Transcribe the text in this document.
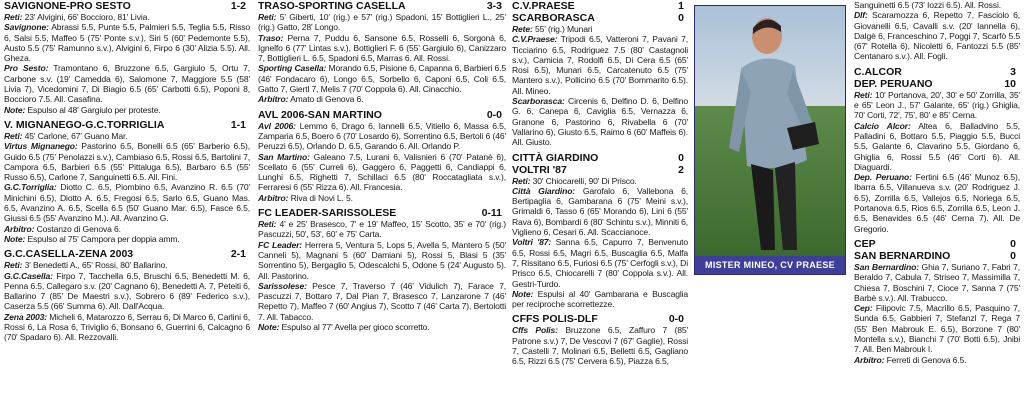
SAVIGNONE-PRO SESTO	1-2

Reti: 23' Alvigini, 66' Boccioro, 81' Livia.

Savignone: Abrassi 5.5, Punte 5.5, Palmieri 5.5, Teglia 5.5, Risso 6, Salsi 5.5, Maffeo 5 (75' Ponte s.v.), Siri 5 (60' Pedemonte 5.5), Austo 5.5 (75' Ramunno s.v.), Alvigini 6, Firpo 6 (30' Alizia 5.5). All. Gheza.

Pro Sesto: Tramontano 6, Bruzzone 6.5, Gargiulo 5, Ortu 7, Carbone s.v. (19' Camedda 6), Salomone 7, Maggiore 5.5 (58' Livia 7), Vicedomini 7, Di Biagio 6.5 (65' Carbotti 6.5), Poponi 8, Boccioro 7.5. All. Casafina.

Note: Espulso al 48' Gargiulo per proteste.

V. MIGNANEGO-G.C.TORRIGLIA	1-1

Reti: 45' Carlone, 67' Guano Mar.

Virtus Mignanego: Pastorino 6.5, Bonelli 6.5 (65' Barberio 6.5), Guido 6.5 (75' Penolazzi s.v.), Cambiaso 6.5, Rossi 6.5, Bartolini 7, Campora 6.5, Barbieri 6.5 (55' Pittaluga 6.5), Barbaro 6.5 (55' Russo 6.5), Carlone 7, Sanguinetti 6.5. All. Fini.

G.C.Torriglia: Diotto C. 6.5, Piombino 6.5, Avanzino R. 6.5 (70' Minichini 6.5), Diotto A. 6.5, Fregosi 6.5, Sarlo 6.5, Guano Mas. 6.5, Avanzino A. 6.5, Scella 6.5 (50' Guano Mar. 6.5), Fasce 6.5, Giussi 6.5 (55' Avanzino M.). All. Avanzino G.

Arbitro: Costanzo di Genova 6.

Note: Espulso al 75' Campora per doppia amm.

G.C.CASELLA-ZENA 2003	2-1

Reti: 3' Benedetti A., 65' Rossi, 80' Ballarino.

G.C.Casella: Firpo 7, Tacchella 6.5, Bruschi 6.5, Benedetti M. 6, Penna 6.5, Callegaro s.v. (20' Cagnano 6), Benedetti A. 7, Peteiti 6, Ballarino 7 (85' De Maestri s.v.), Sobrero 6 (89' Federico s.v.), Caserza 5.5 (66' Summa 6). All. Dall'Acqua.

Zena 2003: Micheli 6, Matarozzo 6, Serrau 6, Di Marco 6, Carlini 6, Rossi 6, La Rosa 6, Triviglio 6, Bonsano 6, Guerrini 6, Calcagno 6 (70' Spadaro 6). All. Rezzovalli.

TRASO-SPORTING CASELLA	3-3

Reti: 5' Giberti, 10' (rig.) e 57' (rig.) Spadoni, 15' Bottiglieri L., 25' (rig.) Gatto, 28' Longo.

Traso: Perna 7, Puddu 6, Sansone 6.5, Rosselli 6, Sorgonà 6, Ignelfo 6 (77' Lintas s.v.), Bottiglieri F. 6 (55' Gargiulo 6), Canizzaro 7, Bottiglieri L. 6.5, Spadoni 6.5, Marras 6. All. Rossi.

Sporting Casella: Morando 6.5, Pisione 6, Capanna 6, Barbieri 6.5 (46' Fondacaro 6), Longo 6.5, Sorbello 6, Caponi 6.5, Coli 6.5, Gatto 7, Giertl 7, Melis 7 (70' Coppola 6). All. Cinacchio.

Arbitro: Amato di Genova 6.

AVL 2006-SAN MARTINO	0-0

Avl 2006: Lemmo 6, Drago 6, Iannelli 6.5, Vitiello 6, Massa 6.5, Zamparia 6.5, Boero 6 (70' Losardo 6), Sorrentino 6.5, Bertoli 6 (46' Peruzzi 6.5), Orlando D. 6.5, Garando 6. All. Orlando P.

San Martino: Galeano 7.5, Lurani 6, Valisnieri 6 (70' Patanè 6), Scellato 6 (55' Curreli 6), Gaggero 6, Paggetti 6, Candiappi 6, Lunghi 6.5, Righetti 7, Schillaci 6.5 (80' Roccatagliata s.v.), Ferraresi 6 (55' Rizza 6). All. Francesia.

Arbitro: Riva di Novi L. 5.

FC LEADER-SARISSOLESE	0-11

Reti: 4' e 25' Brasesco, 7' e 19' Maffeo, 15' Scotto, 35' e 70' (rig.) Pascuzzi, 50', 53', 60' e 75' Carta.

FC Leader: Herrera 5, Ventura 5, Lops 5, Avella 5, Mantero 5 (50' Canneli 5), Magnani 5 (60' Damiani 5), Rossi 5, Blasi 5 (35' Sorrentino 5), Bergaglio 5, Odescalchi 5, Odone 5 (24' Augusto 5). All. Pastorino.

Sarissolese: Pesce 7, Traverso 7 (46' Vidulich 7), Farace 7, Pascuzzi 7, Bottaro 7, Dal Pian 7, Brasesco 7, Lanzarone 7 (46' Repetto 7), Maffeo 7 (60' Angius 7), Scotto 7 (46' Carta 7), Bertolotti 7. All. Tabacco.

Note: Espulso al 77' Avella per gioco scorretto.

C.V.PRAESE	1
SCARBORASCA	0

Rete: 55' (rig.) Munari

C.V.Praese: Tripodi 6.5, Vatteroni 7, Pavani 7, Ticciarino 6.5, Rodriguez 7.5 (80' Castagnoli s.v.), Camicia 7, Rodolfi 6.5, Di Cera 6.5 (65' Rosi 6.5), Munari 6.5, Carcatenuto 6.5 (75' Mantero s.v.), Pollicino 6.5 (70' Bommarito 6.5). All. Mineo.

Scarborasca: Circenis 6, Delfino D. 6, Delfino G. 6, Canepa 6, Caviglia 6.5, Vernazza 6, Granone 6, Pastorino 6, Rivabella 6 (70' Vallarino 6), Giusto 6.5, Raimo 6 (60' Maffeis 6). All. Giusto.

CITTÀ GIARDINO	0
VOLTRI '87	2

Reti: 30' Chiocarelli, 90' Di Prisco.

Città Giardino: Garofalo 6, Vallebona 6, Bertipaglia 6, Gambarana 6 (75' Meini s.v.), Grimaldi 6, Tasso 6 (65' Morando 6), Lini 6 (55' Rava 6), Bombardi 6 (80' Schintu s.v.), Minniti 6, Viglieno 6, Cesari 6. All. Scaccianoce.

Voltri '87: Sanna 6.5, Capurro 7, Benvenuto 6.5, Rossi 6.5, Magri 6.5, Buscaglia 6.5, Malfa 7, Rissitano 6.5, Furiosi 6.5 (75' Cerfogli s.v.), Di Prisco 6.5, Chiocarelli 7 (80' Coppola s.v.). All. Gestri-Turdo.

Note: Espulsi al 40' Gambarana e Buscaglia per reciproche scorrettezze.

CFFS POLIS-DLF	0-0

Cffs Polis: Bruzzone 6.5, Zaffuro 7 (85' Patrone s.v.) 7, De Vescovi 7 (67' Gaglie), Rossi 7, Castelli 7, Molinari 6.5, Belletti 6.5, Gagliano 6.5, Rizzi 6.5 (75' Cervera 6.5), Piazza 6.5,

Sanguinetti 6.5 (73' Iozzi 6.5). All. Rossi.

Dlf: Scaramozza 6, Repetto 7, Fasciolo 6, Giovanelli 6.5, Cavalli s.v. (20' Iannella 6), Dalgè 6, Franceschino 7, Poggi 7, Scarfò 5.5 (67' Rotella 6), Nicoletti 6, Fantozzi 5.5 (85' Centanaro s.v.). All. Fogli.

C.ALCOR	3
DEP. PERUANO	10

Reti: 10' Portanova, 20', 30' e 50' Zorrilla, 35' e 65' Leon J., 57' Galante, 65' (rig.) Ghiglia, 70' Corti, 72', 75', 80' e 85' Cerna.

Calcio Alcor: Altea 6, Balladvino 5.5, Palladini 6, Bottaro 5.5, Piaggio 5.5, Bucci 5.5, Galante 6, Clavarino 5.5, Giordano 6, Ghiglia 6, Rossi 5.5 (46' Corti 6). All. Diaguardi.

Dep. Peruano: Fertini 6.5 (46' Munoz 6.5), Ibarra 6.5, Villanueva s.v. (20' Rodriguez J. 6.5), Zorrilla 6.5, Vallejos 6.5, Noriega 6.5, Portanova 6.5, Rios 6.5, Zorrilla 6.5, Leon J. 6.5, Benavides 6.5 (46' Cerna 7). All. De Gregorio.

CEP	0
SAN BERNARDINO	0

San Bernardino: Ghia 7, Suriano 7, Fabri 7, Beraldo 7, Cabula 7, Striseo 7, Massimilla 7, Chiesa 7, Boschini 7, Cioce 7, Sanna 7 (75' Barbè s.v.). All. Trabucco.

Cep: Filipovic 7.5, Macrillo 6.5, Pasquino 7, Sunda 6.5, Gabbieri 7, Stefanzl 7, Rega 7 (55' Ben Mabrouk E. 6.5), Borzone 7 (80' Montella s.v.), Bianchi 7 (70' Botti 6.5), Jnibi 7. All. Ben Mabrouk I.

Arbitro: Ferreti di Genova 6.5.

MISTER MINEO, CV PRAESE
